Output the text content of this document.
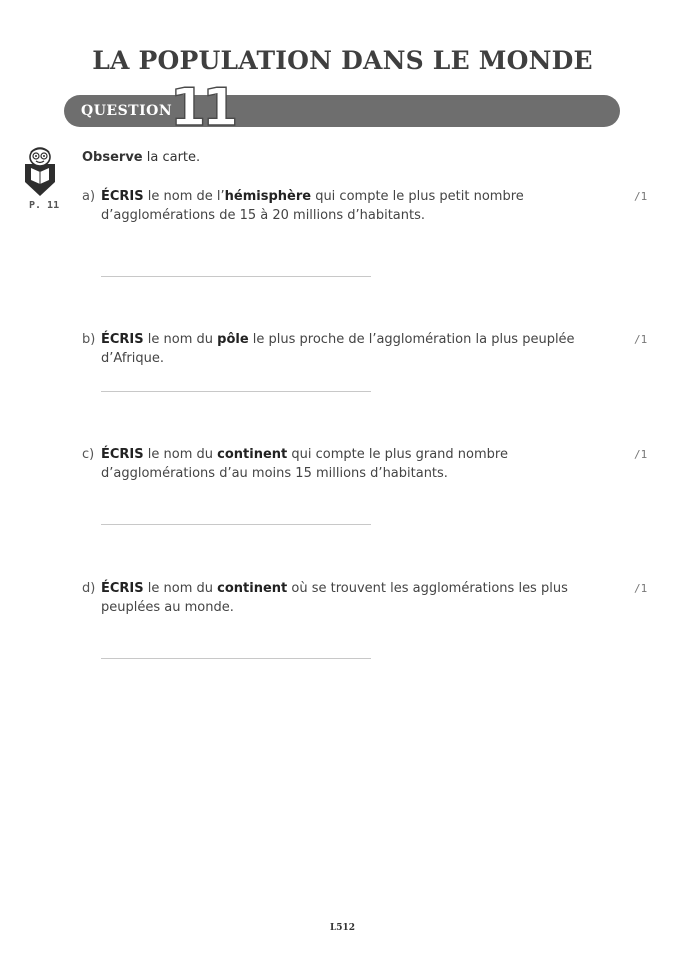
LA POPULATION DANS LE MONDE
QUESTION
11
P. 11
Observe la carte.
a) ÉCRIS le nom de l’hémisphère qui compte le plus petit nombre d’agglomérations de 15 à 20 millions d’habitants.
/1
b) ÉCRIS le nom du pôle le plus proche de l’agglomération la plus peuplée d’Afrique.
/1
c) ÉCRIS le nom du continent qui compte le plus grand nombre d’agglomérations d’au moins 15 millions d’habitants.
/1
d) ÉCRIS le nom du continent où se trouvent les agglomérations les plus peuplées au monde.
/1
L512
